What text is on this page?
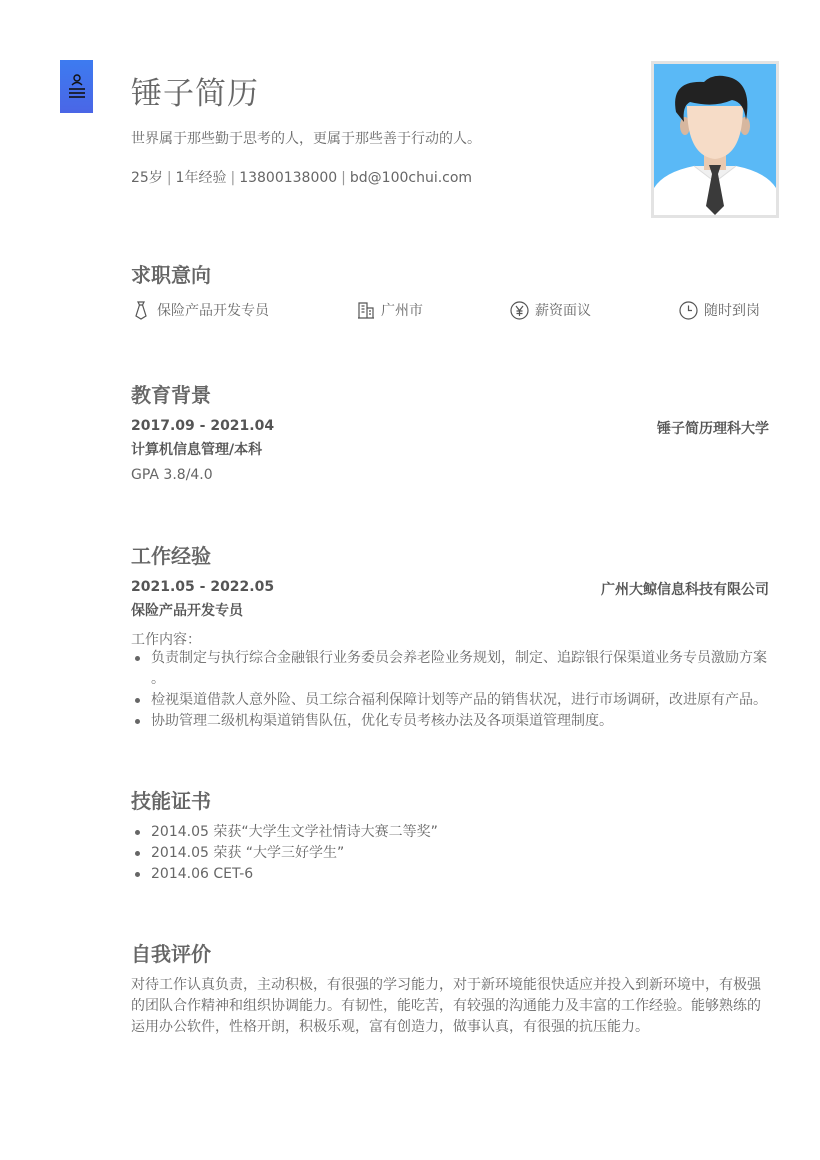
锤子简历
世界属于那些勤于思考的人，更属于那些善于行动的人。
25岁 | 1年经验 | 13800138000 | bd@100chui.com
求职意向
保险产品开发专员	广州市	薪资面议	随时到岗
教育背景
2017.09 - 2021.04	锤子简历理科大学
计算机信息管理/本科
GPA 3.8/4.0
工作经验
2021.05 - 2022.05	广州大鲸信息科技有限公司
保险产品开发专员
工作内容：
负责制定与执行综合金融银行业务委员会养老险业务规划，制定、追踪银行保渠道业务专员激励方案
。
检视渠道借款人意外险、员工综合福利保障计划等产品的销售状况，进行市场调研，改进原有产品。
协助管理二级机构渠道销售队伍，优化专员考核办法及各项渠道管理制度。
技能证书
2014.05 荣获“大学生文学社情诗大赛二等奖”
2014.05 荣获 “大学三好学生”
2014.06 CET-6
自我评价

对待工作认真负责，主动积极，有很强的学习能力，对于新环境能很快适应并投入到新环境中，有极强
的团队合作精神和组织协调能力。有韧性，能吃苦，有较强的沟通能力及丰富的工作经验。能够熟练的
运用办公软件，性格开朗，积极乐观，富有创造力，做事认真，有很强的抗压能力。
